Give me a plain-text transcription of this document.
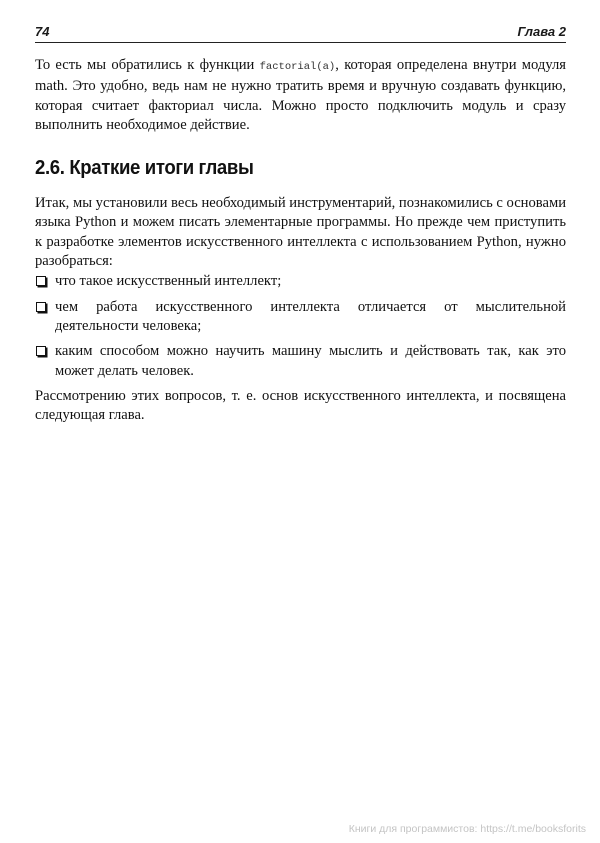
74	Глава 2

То есть мы обратились к функции factorial(a), которая определена внутри модуля math. Это удобно, ведь нам не нужно тратить время и вручную создавать функцию, которая считает факториал числа. Можно просто подключить модуль и сразу выполнить необходимое действие.

2.6. Краткие итоги главы

Итак, мы установили весь необходимый инструментарий, познакомились с основами языка Python и можем писать элементарные программы. Но прежде чем приступить к разработке элементов искусственного интеллекта с использованием Python, нужно разобраться:

что такое искусственный интеллект;
чем работа искусственного интеллекта отличается от мыслительной деятельности человека;
каким способом можно научить машину мыслить и действовать так, как это может делать человек.

Рассмотрению этих вопросов, т. е. основ искусственного интеллекта, и посвящена следующая глава.

Книги для программистов: https://t.me/booksforits
